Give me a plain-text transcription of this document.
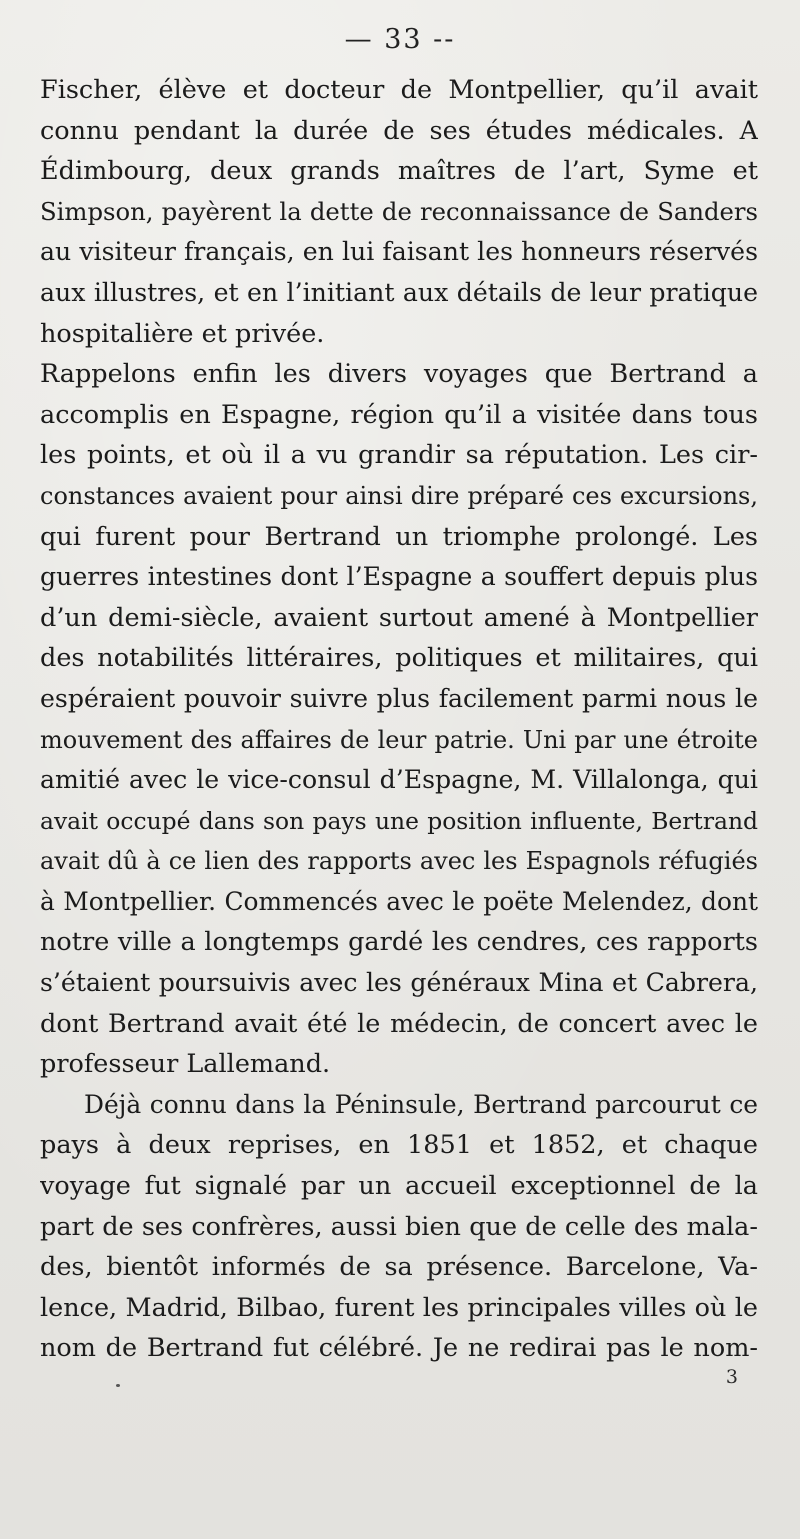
— 33 --
Fischer, élève et docteur de Montpellier, qu’il avait
connu pendant la durée de ses études médicales. A
Édimbourg, deux grands maîtres de l’art, Syme et
Simpson, payèrent la dette de reconnaissance de Sanders
au visiteur français, en lui faisant les honneurs réservés
aux illustres, et en l’initiant aux détails de leur pratique
hospitalière et privée.
Rappelons enfin les divers voyages que Bertrand a
accomplis en Espagne, région qu’il a visitée dans tous
les points, et où il a vu grandir sa réputation. Les cir-
constances avaient pour ainsi dire préparé ces excursions,
qui furent pour Bertrand un triomphe prolongé. Les
guerres intestines dont l’Espagne a souffert depuis plus
d’un demi-siècle, avaient surtout amené à Montpellier
des notabilités littéraires, politiques et militaires, qui
espéraient pouvoir suivre plus facilement parmi nous le
mouvement des affaires de leur patrie. Uni par une étroite
amitié avec le vice-consul d’Espagne, M. Villalonga, qui
avait occupé dans son pays une position influente, Bertrand
avait dû à ce lien des rapports avec les Espagnols réfugiés
à Montpellier. Commencés avec le poëte Melendez, dont
notre ville a longtemps gardé les cendres, ces rapports
s’étaient poursuivis avec les généraux Mina et Cabrera,
dont Bertrand avait été le médecin, de concert avec le
professeur Lallemand.
Déjà connu dans la Péninsule, Bertrand parcourut ce
pays à deux reprises, en 1851 et 1852, et chaque
voyage fut signalé par un accueil exceptionnel de la
part de ses confrères, aussi bien que de celle des mala-
des, bientôt informés de sa présence. Barcelone, Va-
lence, Madrid, Bilbao, furent les principales villes où le
nom de Bertrand fut célébré. Je ne redirai pas le nom-
3
